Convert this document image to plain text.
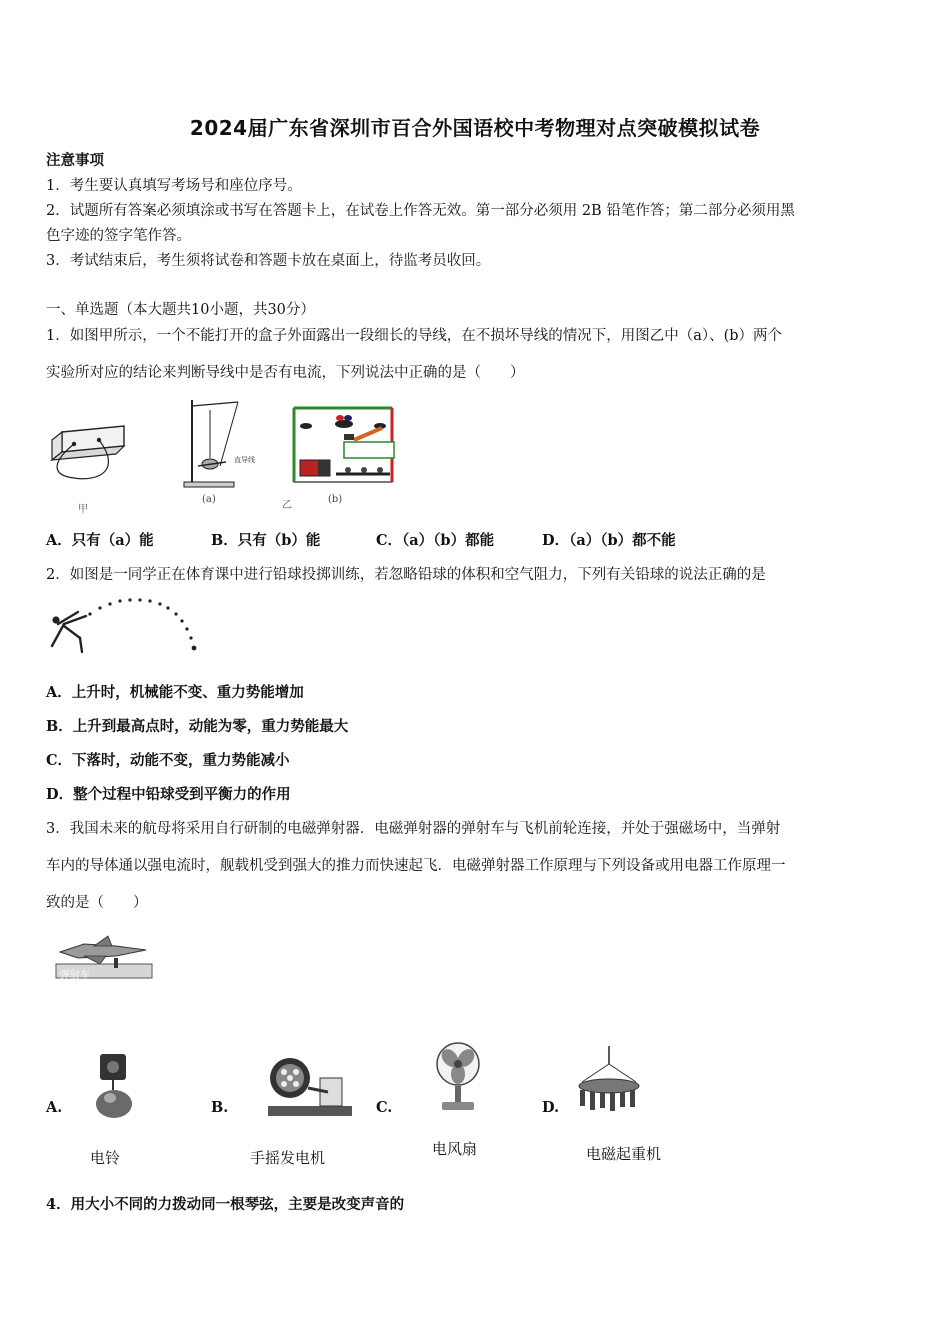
2024届广东省深圳市百合外国语校中考物理对点突破模拟试卷
注意事项
1．考生要认真填写考场号和座位序号。
2．试题所有答案必须填涂或书写在答题卡上，在试卷上作答无效。第一部分必须用 2B 铅笔作答；第二部分必须用黑
色字迹的签字笔作答。
3．考试结束后，考生须将试卷和答题卡放在桌面上，待监考员收回。
一、单选题（本大题共10小题，共30分）
1．如图甲所示，一个不能打开的盒子外面露出一段细长的导线，在不损坏导线的情况下，用图乙中（a）、(b）两个
实验所对应的结论来判断导线中是否有电流，下列说法中正确的是（　　）
甲
直导线
(a)
乙
(b)
A．只有（a）能	B．只有（b）能	C．（a）（b）都能	D．（a）（b）都不能
2．如图是一同学正在体育课中进行铅球投掷训练，若忽略铅球的体积和空气阻力，下列有关铅球的说法正确的是
A．上升时，机械能不变、重力势能增加
B．上升到最高点时，动能为零，重力势能最大
C．下落时，动能不变，重力势能减小
D．整个过程中铅球受到平衡力的作用
3．我国未来的航母将采用自行研制的电磁弹射器．电磁弹射器的弹射车与飞机前轮连接，并处于强磁场中，当弹射
车内的导体通以强电流时，舰载机受到强大的推力而快速起飞．电磁弹射器工作原理与下列设备或用电器工作原理一
致的是（　　）
弹射车
A.
电铃
B.
手摇发电机
C.
电风扇
D.
电磁起重机
4．用大小不同的力拨动同一根琴弦，主要是改变声音的
